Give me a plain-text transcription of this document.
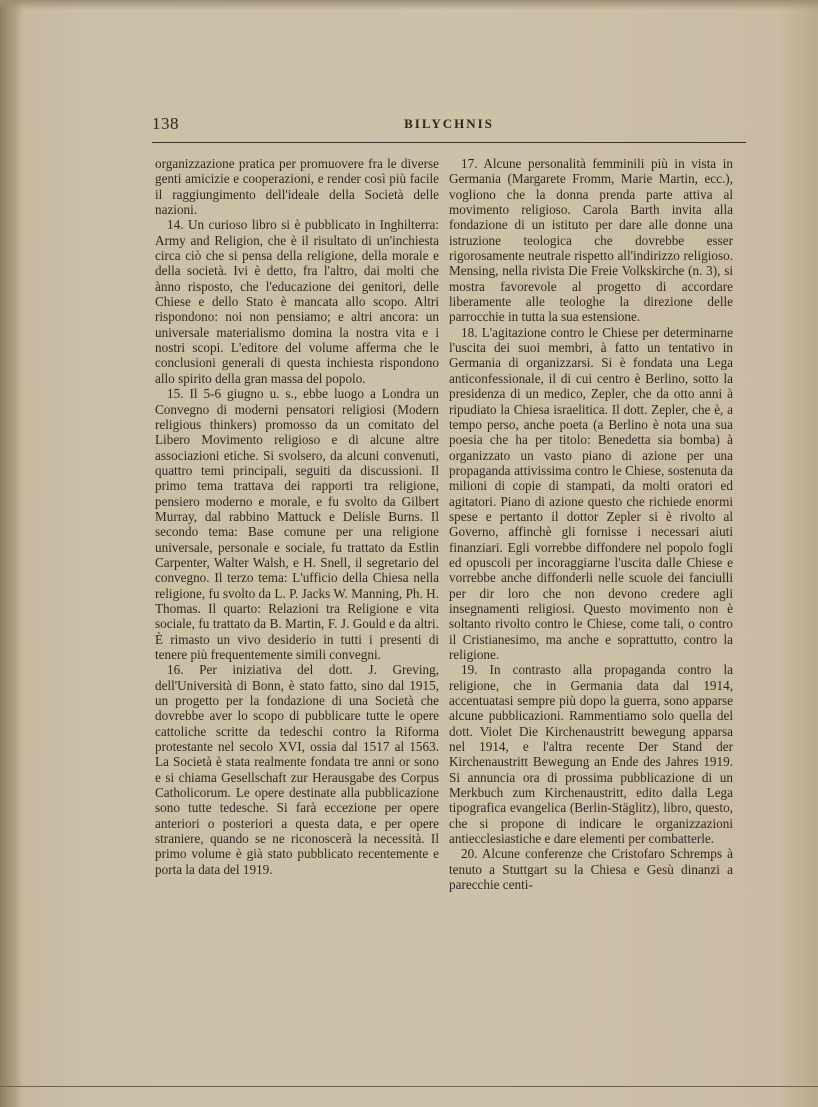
138	BILYCHNIS

organizzazione pratica per promuovere fra le diverse genti amicizie e cooperazioni, e render così più facile il raggiungimento dell'ideale della Società delle nazioni.

14. Un curioso libro si è pubblicato in Inghilterra: Army and Religion, che è il risultato di un'inchiesta circa ciò che si pensa della religione, della morale e della società. Ivi è detto, fra l'altro, dai molti che ànno risposto, che l'educazione dei genitori, delle Chiese e dello Stato è mancata allo scopo. Altri rispondono: noi non pensiamo; e altri ancora: un universale materialismo domina la nostra vita e i nostri scopi. L'editore del volume afferma che le conclusioni generali di questa inchiesta rispondono allo spirito della gran massa del popolo.

15. Il 5-6 giugno u. s., ebbe luogo a Londra un Convegno di moderni pensatori religiosi (Modern religious thinkers) promosso da un comitato del Libero Movimento religioso e di alcune altre associazioni etiche. Si svolsero, da alcuni convenuti, quattro temi principali, seguiti da discussioni. Il primo tema trattava dei rapporti tra religione, pensiero moderno e morale, e fu svolto da Gilbert Murray, dal rabbino Mattuck e Delisle Burns. Il secondo tema: Base comune per una religione universale, personale e sociale, fu trattato da Estlin Carpenter, Walter Walsh, e H. Snell, il segretario del convegno. Il terzo tema: L'ufficio della Chiesa nella religione, fu svolto da L. P. Jacks W. Manning, Ph. H. Thomas. Il quarto: Relazioni tra Religione e vita sociale, fu trattato da B. Martin, F. J. Gould e da altri. È rimasto un vivo desiderio in tutti i presenti di tenere più frequentemente simili convegni.

16. Per iniziativa del dott. J. Greving, dell'Università di Bonn, è stato fatto, sino dal 1915, un progetto per la fondazione di una Società che dovrebbe aver lo scopo di pubblicare tutte le opere cattoliche scritte da tedeschi contro la Riforma protestante nel secolo XVI, ossia dal 1517 al 1563. La Società è stata realmente fondata tre anni or sono e si chiama Gesellschaft zur Herausgabe des Corpus Catholicorum. Le opere destinate alla pubblicazione sono tutte tedesche. Si farà eccezione per opere anteriori o posteriori a questa data, e per opere straniere, quando se ne riconoscerà la necessità. Il primo volume è già stato pubblicato recentemente e porta la data del 1919.

17. Alcune personalità femminili più in vista in Germania (Margarete Fromm, Marie Martin, ecc.), vogliono che la donna prenda parte attiva al movimento religioso. Carola Barth invita alla fondazione di un istituto per dare alle donne una istruzione teologica che dovrebbe esser rigorosamente neutrale rispetto all'indirizzo religioso. Mensing, nella rivista Die Freie Volkskirche (n. 3), si mostra favorevole al progetto di accordare liberamente alle teologhe la direzione delle parrocchie in tutta la sua estensione.

18. L'agitazione contro le Chiese per determinarne l'uscita dei suoi membri, à fatto un tentativo in Germania di organizzarsi. Si è fondata una Lega anticonfessionale, il di cui centro è Berlino, sotto la presidenza di un medico, Zepler, che da otto anni à ripudiato la Chiesa israelitica. Il dott. Zepler, che è, a tempo perso, anche poeta (a Berlino è nota una sua poesia che ha per titolo: Benedetta sia bomba) à organizzato un vasto piano di azione per una propaganda attivissima contro le Chiese, sostenuta da milioni di copie di stampati, da molti oratori ed agitatori. Piano di azione questo che richiede enormi spese e pertanto il dottor Zepler si è rivolto al Governo, affinchè gli fornisse i necessari aiuti finanziari. Egli vorrebbe diffondere nel popolo fogli ed opuscoli per incoraggiarne l'uscita dalle Chiese e vorrebbe anche diffonderli nelle scuole dei fanciulli per dir loro che non devono credere agli insegnamenti religiosi. Questo movimento non è soltanto rivolto contro le Chiese, come tali, o contro il Cristianesimo, ma anche e soprattutto, contro la religione.

19. In contrasto alla propaganda contro la religione, che in Germania data dal 1914, accentuatasi sempre più dopo la guerra, sono apparse alcune pubblicazioni. Rammentiamo solo quella del dott. Violet Die Kirchenaustritt bewegung apparsa nel 1914, e l'altra recente Der Stand der Kirchenaustritt Bewegung an Ende des Jahres 1919. Si annuncia ora di prossima pubblicazione di un Merkbuch zum Kirchenaustritt, edito dalla Lega tipografica evangelica (Berlin-Stäglitz), libro, questo, che si propone di indicare le organizzazioni antiecclesiastiche e dare elementi per combatterle.

20. Alcune conferenze che Cristofaro Schremps à tenuto a Stuttgart su la Chiesa e Gesù dinanzi a parecchie centi-
